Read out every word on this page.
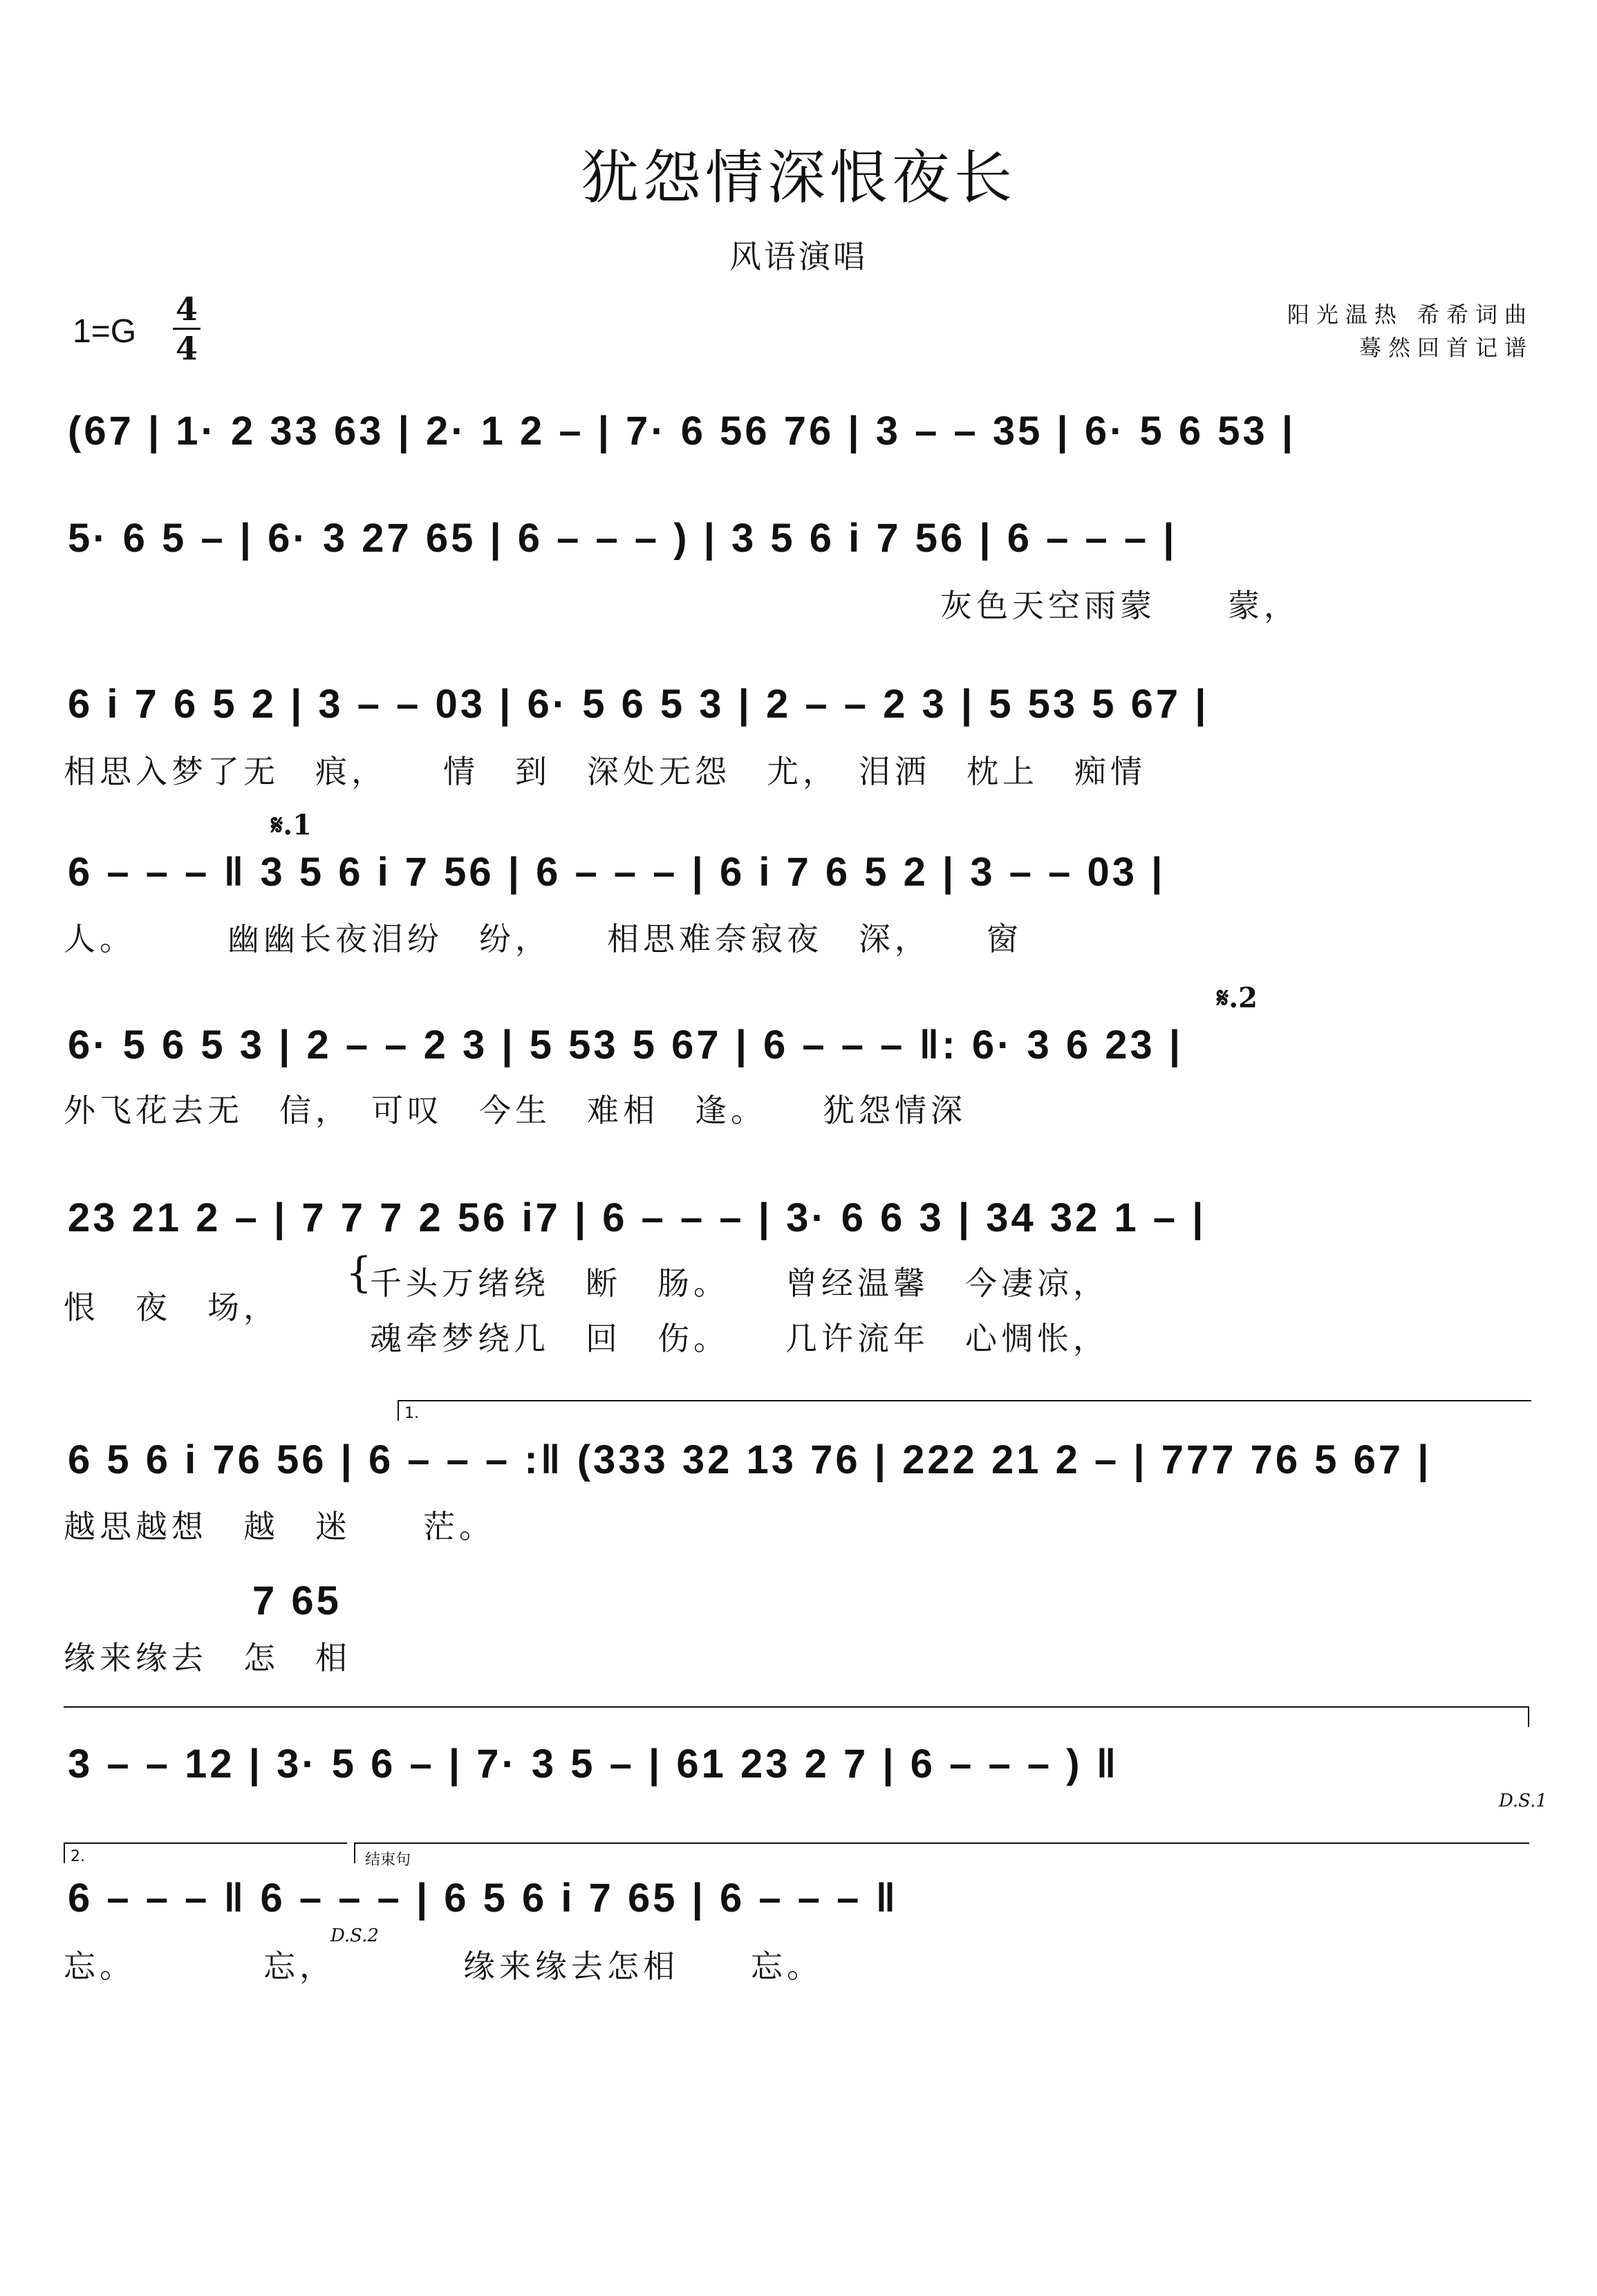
犹怨情深恨夜长
风语演唱
1=G
4
4
阳光温热 希希词曲
蓦然回首记谱
(67 | 1· 2 33 63 | 2· 1 2 – | 7· 6 56 76 | 3 – – 35 | 6· 5 6 53 |
5· 6 5 – | 6· 3 27 65 | 6 – – – ) | 3 5 6 i 7 56 | 6 – – – |
灰色天空雨蒙　　蒙，
6 i 7 6 5 2 | 3 – – 03 | 6· 5 6 5 3 | 2 – – 2 3 | 5 53 5 67 |
相思入梦了无　痕，　　情　到　深处无怨　尤，　泪洒　枕上　痴情
𝄋.1
6 – – – ‖ 3 5 6 i 7 56 | 6 – – – | 6 i 7 6 5 2 | 3 – – 03 |
人。　　　幽幽长夜泪纷　纷，　　相思难奈寂夜　深，　　窗
𝄋.2
6· 5 6 5 3 | 2 – – 2 3 | 5 53 5 67 | 6 – – – ‖: 6· 3 6 23 |
外飞花去无　信，　可叹　今生　难相　逢。　　犹怨情深
23 21 2 – | 7 7 7 2 56 i7 | 6 – – – | 3· 6 6 3 | 34 32 1 – |
恨　夜　场，
{
千头万绪绕　断　肠。　　曾经温馨　今凄凉，
魂牵梦绕几　回　伤。　　几许流年　心惆怅，
1.
6 5 6 i 76 56 | 6 – – – :‖ (333 32 13 76 | 222 21 2 – | 777 76 5 67 |
越思越想　越　迷　　茫。
7 65
缘来缘去　怎　相
3 – – 12 | 3· 5 6 – | 7· 3 5 – | 61 23 2 7 | 6 – – – ) ‖
D.S.1
2.	结束句
6 – – – ‖ 6 – – – | 6 5 6 i 7 65 | 6 – – – ‖
D.S.2
忘。　　　　忘，　　　　缘来缘去怎相　　忘。
